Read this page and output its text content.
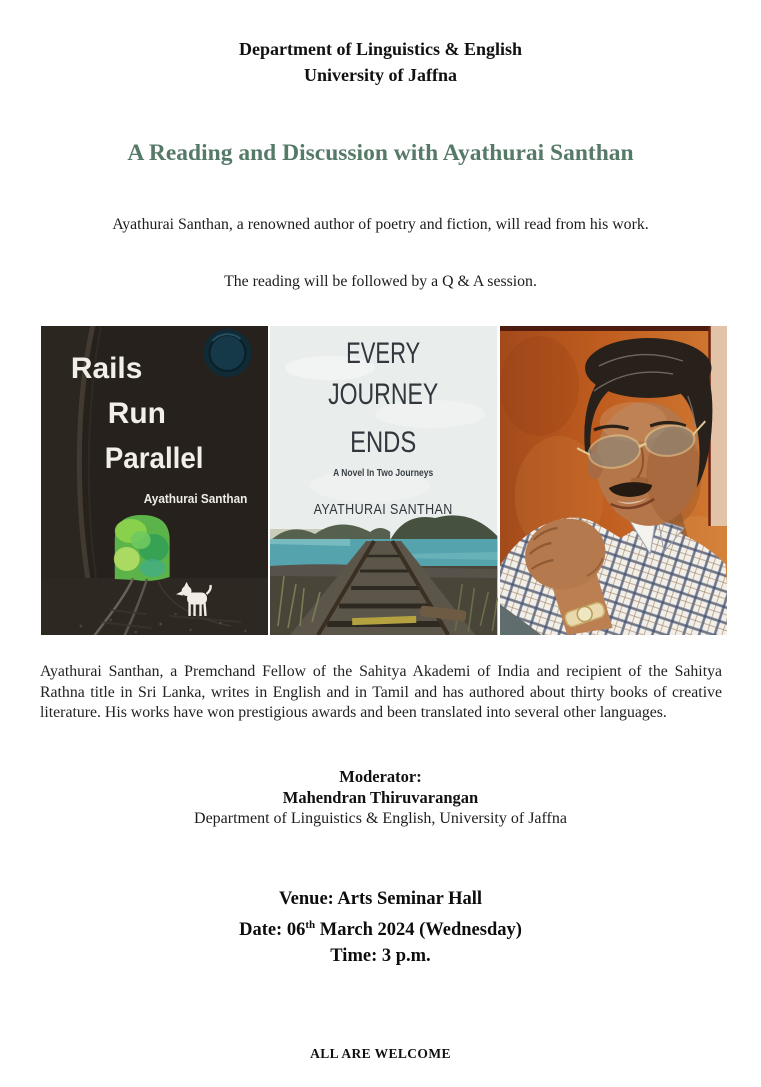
Department of Linguistics & English
University of Jaffna
A Reading and Discussion with Ayathurai Santhan

Ayathurai Santhan, a renowned author of poetry and fiction, will read from his work.

The reading will be followed by a Q & A session.

Rails
Run
Parallel
Ayathurai Santhan
EVERY
JOURNEY
ENDS
A Novel In Two Journeys
AYATHURAI SANTHAN

Ayathurai Santhan, a Premchand Fellow of the Sahitya Akademi of India and recipient of the Sahitya Rathna title in Sri Lanka, writes in English and in Tamil and has authored about thirty books of creative literature. His works have won prestigious awards and been translated into several other languages.

Moderator:
Mahendran Thiruvarangan
Department of Linguistics & English, University of Jaffna
Venue: Arts Seminar Hall
Date: 06th March 2024 (Wednesday)
Time: 3 p.m.
ALL ARE WELCOME
